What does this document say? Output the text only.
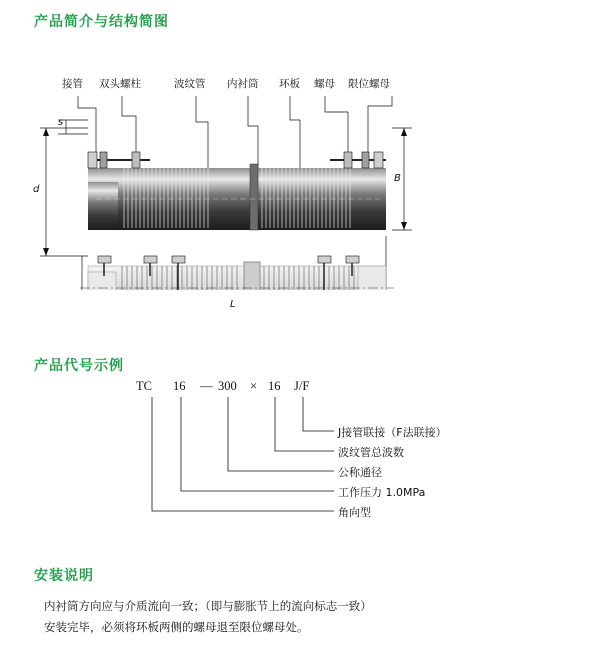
产品简介与结构简图
产品代号示例
安装说明
接管 双头螺柱	波纹管 内衬筒 环板 螺母 限位螺母
s
d
B
L
TC 16 — 300 × 16 J/F
J接管联接（F法联接）
波纹管总波数
公称通径
工作压力 1.0MPa
角向型

内衬筒方向应与介质流向一致；（即与膨胀节上的流向标志一致）

安装完毕，必须将环板两侧的螺母退至限位螺母处。
